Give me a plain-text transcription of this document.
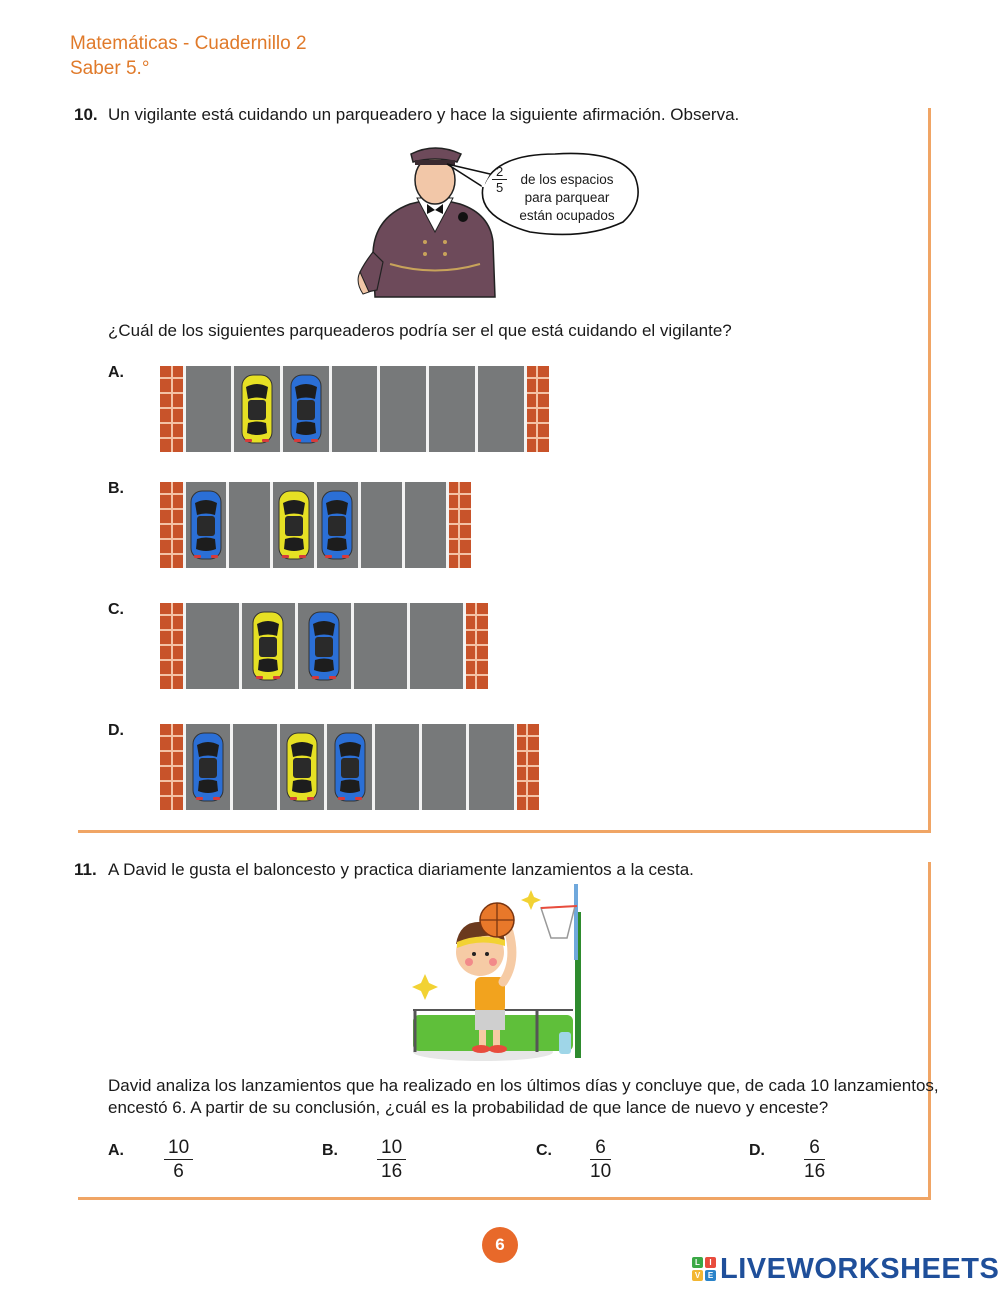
Matemáticas - Cuadernillo 2
Saber 5.°
10. Un vigilante está cuidando un parqueadero y hace la siguiente afirmación. Observa.
$\frac{2}{5}$ de los espacios
para parquear
están ocupados
¿Cuál de los siguientes parqueaderos podría ser el que está cuidando el vigilante?
A.
B.
C.
D.
11. A David le gusta el baloncesto y practica diariamente lanzamientos a la cesta.
David analiza los lanzamientos que ha realizado en los últimos días y concluye que, de cada 10 lanzamientos,
encestó 6. A partir de su conclusión, ¿cuál es la probabilidad de que lance de nuevo y enceste?
A. $\frac{10}{6}$	B. $\frac{10}{16}$	C. $\frac{6}{10}$	D. $\frac{6}{16}$
6
L	I
V E LIVEWORKSHEETS
